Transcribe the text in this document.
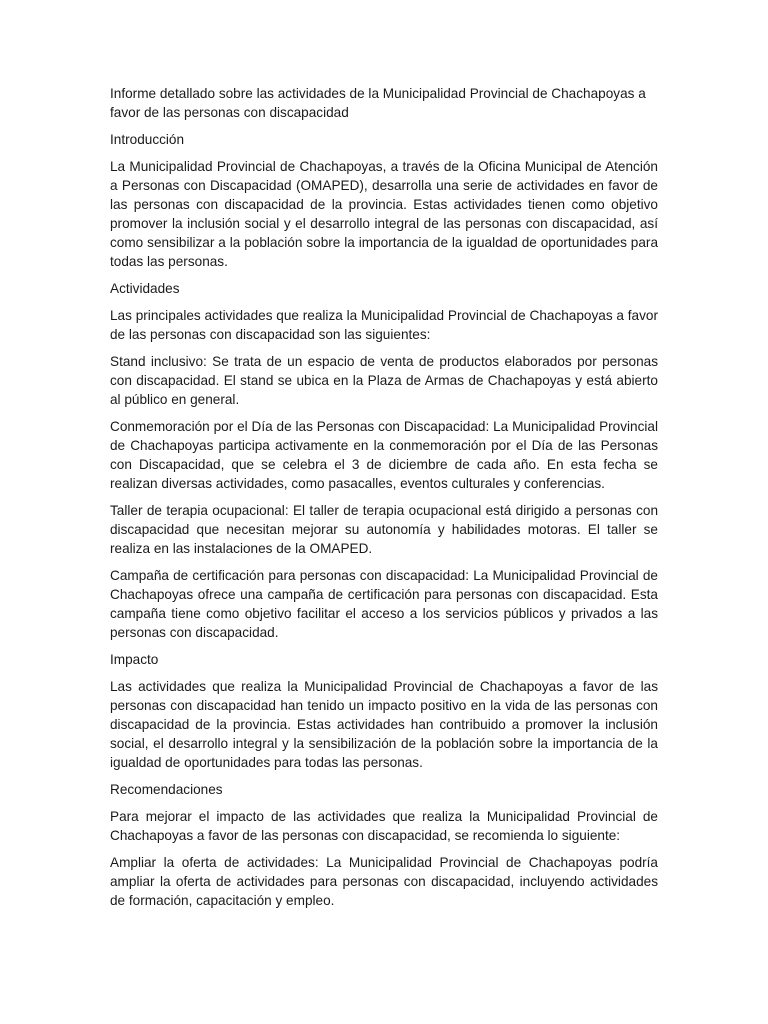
Informe detallado sobre las actividades de la Municipalidad Provincial de Chachapoyas a favor de las personas con discapacidad

Introducción

La Municipalidad Provincial de Chachapoyas, a través de la Oficina Municipal de Atención a Personas con Discapacidad (OMAPED), desarrolla una serie de actividades en favor de las personas con discapacidad de la provincia. Estas actividades tienen como objetivo promover la inclusión social y el desarrollo integral de las personas con discapacidad, así como sensibilizar a la población sobre la importancia de la igualdad de oportunidades para todas las personas.

Actividades

Las principales actividades que realiza la Municipalidad Provincial de Chachapoyas a favor de las personas con discapacidad son las siguientes:

Stand inclusivo: Se trata de un espacio de venta de productos elaborados por personas con discapacidad. El stand se ubica en la Plaza de Armas de Chachapoyas y está abierto al público en general.

Conmemoración por el Día de las Personas con Discapacidad: La Municipalidad Provincial de Chachapoyas participa activamente en la conmemoración por el Día de las Personas con Discapacidad, que se celebra el 3 de diciembre de cada año. En esta fecha se realizan diversas actividades, como pasacalles, eventos culturales y conferencias.

Taller de terapia ocupacional: El taller de terapia ocupacional está dirigido a personas con discapacidad que necesitan mejorar su autonomía y habilidades motoras. El taller se realiza en las instalaciones de la OMAPED.

Campaña de certificación para personas con discapacidad: La Municipalidad Provincial de Chachapoyas ofrece una campaña de certificación para personas con discapacidad. Esta campaña tiene como objetivo facilitar el acceso a los servicios públicos y privados a las personas con discapacidad.

Impacto

Las actividades que realiza la Municipalidad Provincial de Chachapoyas a favor de las personas con discapacidad han tenido un impacto positivo en la vida de las personas con discapacidad de la provincia. Estas actividades han contribuido a promover la inclusión social, el desarrollo integral y la sensibilización de la población sobre la importancia de la igualdad de oportunidades para todas las personas.

Recomendaciones

Para mejorar el impacto de las actividades que realiza la Municipalidad Provincial de Chachapoyas a favor de las personas con discapacidad, se recomienda lo siguiente:

Ampliar la oferta de actividades: La Municipalidad Provincial de Chachapoyas podría ampliar la oferta de actividades para personas con discapacidad, incluyendo actividades de formación, capacitación y empleo.
